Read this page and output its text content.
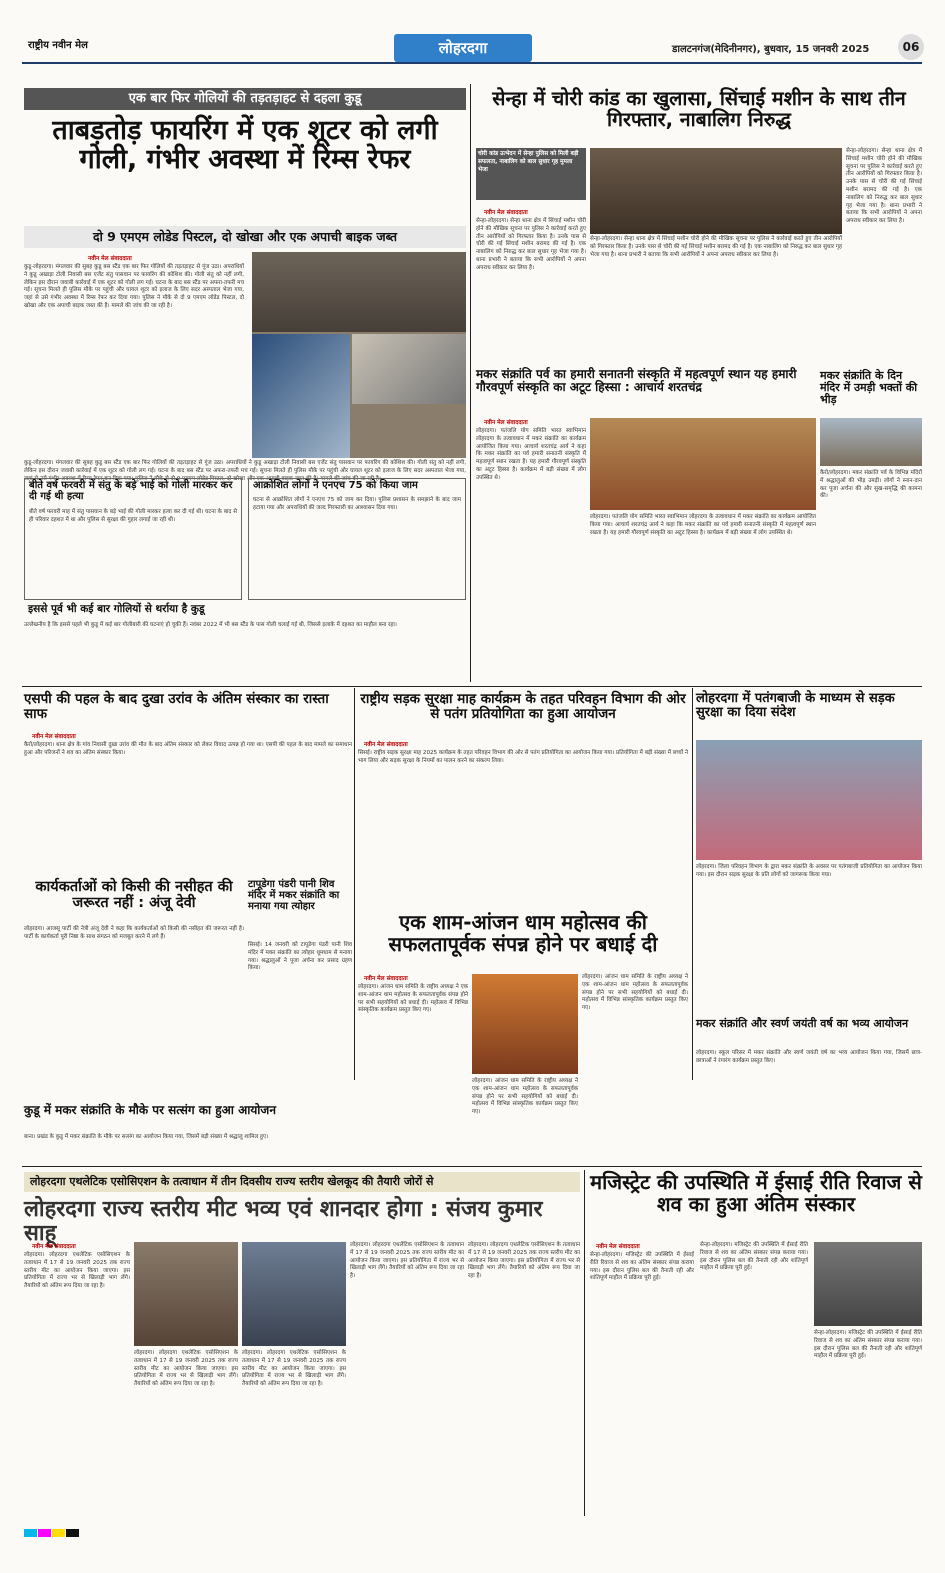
राष्ट्रीय नवीन मेल	लोहरदगा	डालटनगंज(मेदिनीनगर), बुधवार, 15 जनवरी 2025	06
एक बार फिर गोलियों की तड़तड़ाहट से दहला कुडू
ताबड़तोड़ फायरिंग में एक शूटर को लगी गोली, गंभीर अवस्था में रिम्स रेफर
दो 9 एमएम लोडेड पिस्टल, दो खोखा और एक अपाची बाइक जब्त
नवीन मेल संवाददाता
कुडू-लोहरदगा। मंगलवार की सुबह कुडू बस स्टैंड एक बार फिर गोलियों की तड़तड़ाहट से गूंज उठा। अपराधियों ने कुडू अखाड़ा टोली निवासी बस एजेंट संतु पासवान पर फायरिंग की कोशिश की। गोली संतु को नहीं लगी, लेकिन इस दौरान जवाबी कार्रवाई में एक शूटर को गोली लग गई। घटना के बाद बस स्टैंड पर अफरा-तफरी मच गई। सूचना मिलते ही पुलिस मौके पर पहुंची और घायल शूटर को इलाज के लिए सदर अस्पताल भेजा गया, जहां से उसे गंभीर अवस्था में रिम्स रेफर कर दिया गया। पुलिस ने मौके से दो 9 एमएम लोडेड पिस्टल, दो खोखा और एक अपाची बाइक जब्त की है। मामले की जांच की जा रही है।
कुडू-लोहरदगा। मंगलवार की सुबह कुडू बस स्टैंड एक बार फिर गोलियों की तड़तड़ाहट से गूंज उठा। अपराधियों ने कुडू अखाड़ा टोली निवासी बस एजेंट संतु पासवान पर फायरिंग की कोशिश की। गोली संतु को नहीं लगी, लेकिन इस दौरान जवाबी कार्रवाई में एक शूटर को गोली लग गई। घटना के बाद बस स्टैंड पर अफरा-तफरी मच गई। सूचना मिलते ही पुलिस मौके पर पहुंची और घायल शूटर को इलाज के लिए सदर अस्पताल भेजा गया, जहां से उसे गंभीर अवस्था में रिम्स रेफर कर दिया गया। पुलिस ने मौके से दो 9 एमएम लोडेड पिस्टल, दो खोखा और एक अपाची बाइक जब्त की है। मामले की जांच की जा रही है।
बीते वर्ष फरवरी में संतु के बड़े भाई को गोली मारकर कर दी गई थी हत्या
बीते वर्ष फरवरी माह में संतु पासवान के बड़े भाई की गोली मारकर हत्या कर दी गई थी। घटना के बाद से ही परिवार दहशत में था और पुलिस से सुरक्षा की गुहार लगाई जा रही थी।
आक्रोशित लोगों ने एनएच 75 को किया जाम
घटना से आक्रोशित लोगों ने एनएच 75 को जाम कर दिया। पुलिस प्रशासन के समझाने के बाद जाम हटाया गया और अपराधियों की जल्द गिरफ्तारी का आश्वासन दिया गया।
इससे पूर्व भी कई बार गोलियों से थर्राया है कुडू
उल्लेखनीय है कि इससे पहले भी कुडू में कई बार गोलीबारी की घटनाएं हो चुकी हैं। नवंबर 2022 में भी बस स्टैंड के पास गोली चलाई गई थी, जिससे इलाके में दहशत का माहौल बना रहा।
सेन्हा में चोरी कांड का खुलासा, सिंचाई मशीन के साथ तीन गिरफ्तार, नाबालिग निरुद्ध
चोरी कांड उत्भेदन में सेन्हा पुलिस को मिली बड़ी सफलता, नाबालिग को बाल सुधार गृह मुमला भेजा
नवीन मेल संवाददाता
सेन्हा-लोहरदगा। सेन्हा थाना क्षेत्र में सिंचाई मशीन चोरी होने की मौखिक सूचना पर पुलिस ने कार्रवाई करते हुए तीन आरोपियों को गिरफ्तार किया है। उनके पास से चोरी की गई सिंचाई मशीन बरामद की गई है। एक नाबालिग को निरुद्ध कर बाल सुधार गृह भेजा गया है। थाना प्रभारी ने बताया कि सभी आरोपियों ने अपना अपराध स्वीकार कर लिया है।
सेन्हा-लोहरदगा। सेन्हा थाना क्षेत्र में सिंचाई मशीन चोरी होने की मौखिक सूचना पर पुलिस ने कार्रवाई करते हुए तीन आरोपियों को गिरफ्तार किया है। उनके पास से चोरी की गई सिंचाई मशीन बरामद की गई है। एक नाबालिग को निरुद्ध कर बाल सुधार गृह भेजा गया है। थाना प्रभारी ने बताया कि सभी आरोपियों ने अपना अपराध स्वीकार कर लिया है।
सेन्हा-लोहरदगा। सेन्हा थाना क्षेत्र में सिंचाई मशीन चोरी होने की मौखिक सूचना पर पुलिस ने कार्रवाई करते हुए तीन आरोपियों को गिरफ्तार किया है। उनके पास से चोरी की गई सिंचाई मशीन बरामद की गई है। एक नाबालिग को निरुद्ध कर बाल सुधार गृह भेजा गया है। थाना प्रभारी ने बताया कि सभी आरोपियों ने अपना अपराध स्वीकार कर लिया है।
मकर संक्रांति पर्व का हमारी सनातनी संस्कृति में महत्वपूर्ण स्थान यह हमारी गौरवपूर्ण संस्कृति का अटूट हिस्सा : आचार्य शरतचंद्र
नवीन मेल संवाददाता
लोहरदगा। पतंजलि योग समिति भारत स्वाभिमान लोहरदगा के तत्वावधान में मकर संक्रांति का कार्यक्रम आयोजित किया गया। आचार्य शरतचंद्र आर्य ने कहा कि मकर संक्रांति का पर्व हमारी सनातनी संस्कृति में महत्वपूर्ण स्थान रखता है। यह हमारी गौरवपूर्ण संस्कृति का अटूट हिस्सा है। कार्यक्रम में बड़ी संख्या में लोग उपस्थित थे।
लोहरदगा। पतंजलि योग समिति भारत स्वाभिमान लोहरदगा के तत्वावधान में मकर संक्रांति का कार्यक्रम आयोजित किया गया। आचार्य शरतचंद्र आर्य ने कहा कि मकर संक्रांति का पर्व हमारी सनातनी संस्कृति में महत्वपूर्ण स्थान रखता है। यह हमारी गौरवपूर्ण संस्कृति का अटूट हिस्सा है। कार्यक्रम में बड़ी संख्या में लोग उपस्थित थे।
मकर संक्रांति के दिन मंदिर में उमड़ी भक्तों की भीड़
कैरो/लोहरदगा। मकर संक्रांति पर्व के विभिन्न मंदिरों में श्रद्धालुओं की भीड़ उमड़ी। लोगों ने स्नान-दान कर पूजा अर्चना की और सुख-समृद्धि की कामना की।
एसपी की पहल के बाद दुखा उरांव के अंतिम संस्कार का रास्ता साफ
नवीन मेल संवाददाता
कैरो/लोहरदगा। थाना क्षेत्र के गांव निवासी दुखा उरांव की मौत के बाद अंतिम संस्कार को लेकर विवाद उत्पन्न हो गया था। एसपी की पहल के बाद मामले का समाधान हुआ और परिजनों ने शव का अंतिम संस्कार किया।
राष्ट्रीय सड़क सुरक्षा माह कार्यक्रम के तहत परिवहन विभाग की ओर से पतंग प्रतियोगिता का हुआ आयोजन
नवीन मेल संवाददाता
सिसई। राष्ट्रीय सड़क सुरक्षा माह 2025 कार्यक्रम के तहत परिवहन विभाग की ओर से पतंग प्रतियोगिता का आयोजन किया गया। प्रतियोगिता में बड़ी संख्या में बच्चों ने भाग लिया और सड़क सुरक्षा के नियमों का पालन करने का संकल्प लिया।
लोहरदगा में पतंगबाजी के माध्यम से सड़क सुरक्षा का दिया संदेश
लोहरदगा। जिला परिवहन विभाग के द्वारा मकर संक्रांति के अवसर पर पतंगबाजी प्रतियोगिता का आयोजन किया गया। इस दौरान सड़क सुरक्षा के प्रति लोगों को जागरूक किया गया।
कार्यकर्ताओं को किसी की नसीहत की जरूरत नहीं : अंजू देवी
लोहरदगा। आजसू पार्टी की नेत्री अंजू देवी ने कहा कि कार्यकर्ताओं को किसी की नसीहत की जरूरत नहीं है। पार्टी के कार्यकर्ता पूरी निष्ठा के साथ संगठन को मजबूत करने में लगे हैं।
टापूडेगा पंडरी पानी शिव मंदिर में मकर संक्रांति का मनाया गया त्योहार
सिसई। 14 जनवरी को टापूडेगा पंडरी पानी शिव मंदिर में मकर संक्रांति का त्योहार धूमधाम से मनाया गया। श्रद्धालुओं ने पूजा अर्चना कर प्रसाद ग्रहण किया।
कुडू में मकर संक्रांति के मौके पर सत्संग का हुआ आयोजन
बाना। प्रखंड के कुडू में मकर संक्रांति के मौके पर सत्संग का आयोजन किया गया, जिसमें बड़ी संख्या में श्रद्धालु शामिल हुए।
एक शाम-आंजन धाम महोत्सव की सफलतापूर्वक संपन्न होने पर बधाई दी
नवीन मेल संवाददाता
लोहरदगा। आंजन धाम समिति के राष्ट्रीय अध्यक्ष ने एक शाम-आंजन धाम महोत्सव के सफलतापूर्वक संपन्न होने पर सभी सहयोगियों को बधाई दी। महोत्सव में विभिन्न सांस्कृतिक कार्यक्रम प्रस्तुत किए गए।
लोहरदगा। आंजन धाम समिति के राष्ट्रीय अध्यक्ष ने एक शाम-आंजन धाम महोत्सव के सफलतापूर्वक संपन्न होने पर सभी सहयोगियों को बधाई दी। महोत्सव में विभिन्न सांस्कृतिक कार्यक्रम प्रस्तुत किए गए।
लोहरदगा। आंजन धाम समिति के राष्ट्रीय अध्यक्ष ने एक शाम-आंजन धाम महोत्सव के सफलतापूर्वक संपन्न होने पर सभी सहयोगियों को बधाई दी। महोत्सव में विभिन्न सांस्कृतिक कार्यक्रम प्रस्तुत किए गए।
मकर संक्रांति और स्वर्ण जयंती वर्ष का भव्य आयोजन
लोहरदगा। स्कूल परिसर में मकर संक्रांति और स्वर्ण जयंती वर्ष का भव्य आयोजन किया गया, जिसमें छात्र-छात्राओं ने रंगारंग कार्यक्रम प्रस्तुत किए।
लोहरदगा एथलेटिक एसोसिएशन के तत्वाधान में तीन दिवसीय राज्य स्तरीय खेलकूद की तैयारी जोरों से
लोहरदगा राज्य स्तरीय मीट भव्य एवं शानदार होगा : संजय कुमार साहू
नवीन मेल संवाददाता
लोहरदगा। लोहरदगा एथलेटिक एसोसिएशन के तत्वाधान में 17 से 19 जनवरी 2025 तक राज्य स्तरीय मीट का आयोजन किया जाएगा। इस प्रतियोगिता में राज्य भर से खिलाड़ी भाग लेंगे। तैयारियों को अंतिम रूप दिया जा रहा है।
लोहरदगा। लोहरदगा एथलेटिक एसोसिएशन के तत्वाधान में 17 से 19 जनवरी 2025 तक राज्य स्तरीय मीट का आयोजन किया जाएगा। इस प्रतियोगिता में राज्य भर से खिलाड़ी भाग लेंगे। तैयारियों को अंतिम रूप दिया जा रहा है।
लोहरदगा। लोहरदगा एथलेटिक एसोसिएशन के तत्वाधान में 17 से 19 जनवरी 2025 तक राज्य स्तरीय मीट का आयोजन किया जाएगा। इस प्रतियोगिता में राज्य भर से खिलाड़ी भाग लेंगे। तैयारियों को अंतिम रूप दिया जा रहा है।
लोहरदगा। लोहरदगा एथलेटिक एसोसिएशन के तत्वाधान में 17 से 19 जनवरी 2025 तक राज्य स्तरीय मीट का आयोजन किया जाएगा। इस प्रतियोगिता में राज्य भर से खिलाड़ी भाग लेंगे। तैयारियों को अंतिम रूप दिया जा रहा है।
लोहरदगा। लोहरदगा एथलेटिक एसोसिएशन के तत्वाधान में 17 से 19 जनवरी 2025 तक राज्य स्तरीय मीट का आयोजन किया जाएगा। इस प्रतियोगिता में राज्य भर से खिलाड़ी भाग लेंगे। तैयारियों को अंतिम रूप दिया जा रहा है।
मजिस्ट्रेट की उपस्थिति में ईसाई रीति रिवाज से शव का हुआ अंतिम संस्कार
नवीन मेल संवाददाता
सेन्हा-लोहरदगा। मजिस्ट्रेट की उपस्थिति में ईसाई रीति रिवाज से शव का अंतिम संस्कार संपन्न कराया गया। इस दौरान पुलिस बल की तैनाती रही और शांतिपूर्ण माहौल में प्रक्रिया पूरी हुई।
सेन्हा-लोहरदगा। मजिस्ट्रेट की उपस्थिति में ईसाई रीति रिवाज से शव का अंतिम संस्कार संपन्न कराया गया। इस दौरान पुलिस बल की तैनाती रही और शांतिपूर्ण माहौल में प्रक्रिया पूरी हुई।
सेन्हा-लोहरदगा। मजिस्ट्रेट की उपस्थिति में ईसाई रीति रिवाज से शव का अंतिम संस्कार संपन्न कराया गया। इस दौरान पुलिस बल की तैनाती रही और शांतिपूर्ण माहौल में प्रक्रिया पूरी हुई।
